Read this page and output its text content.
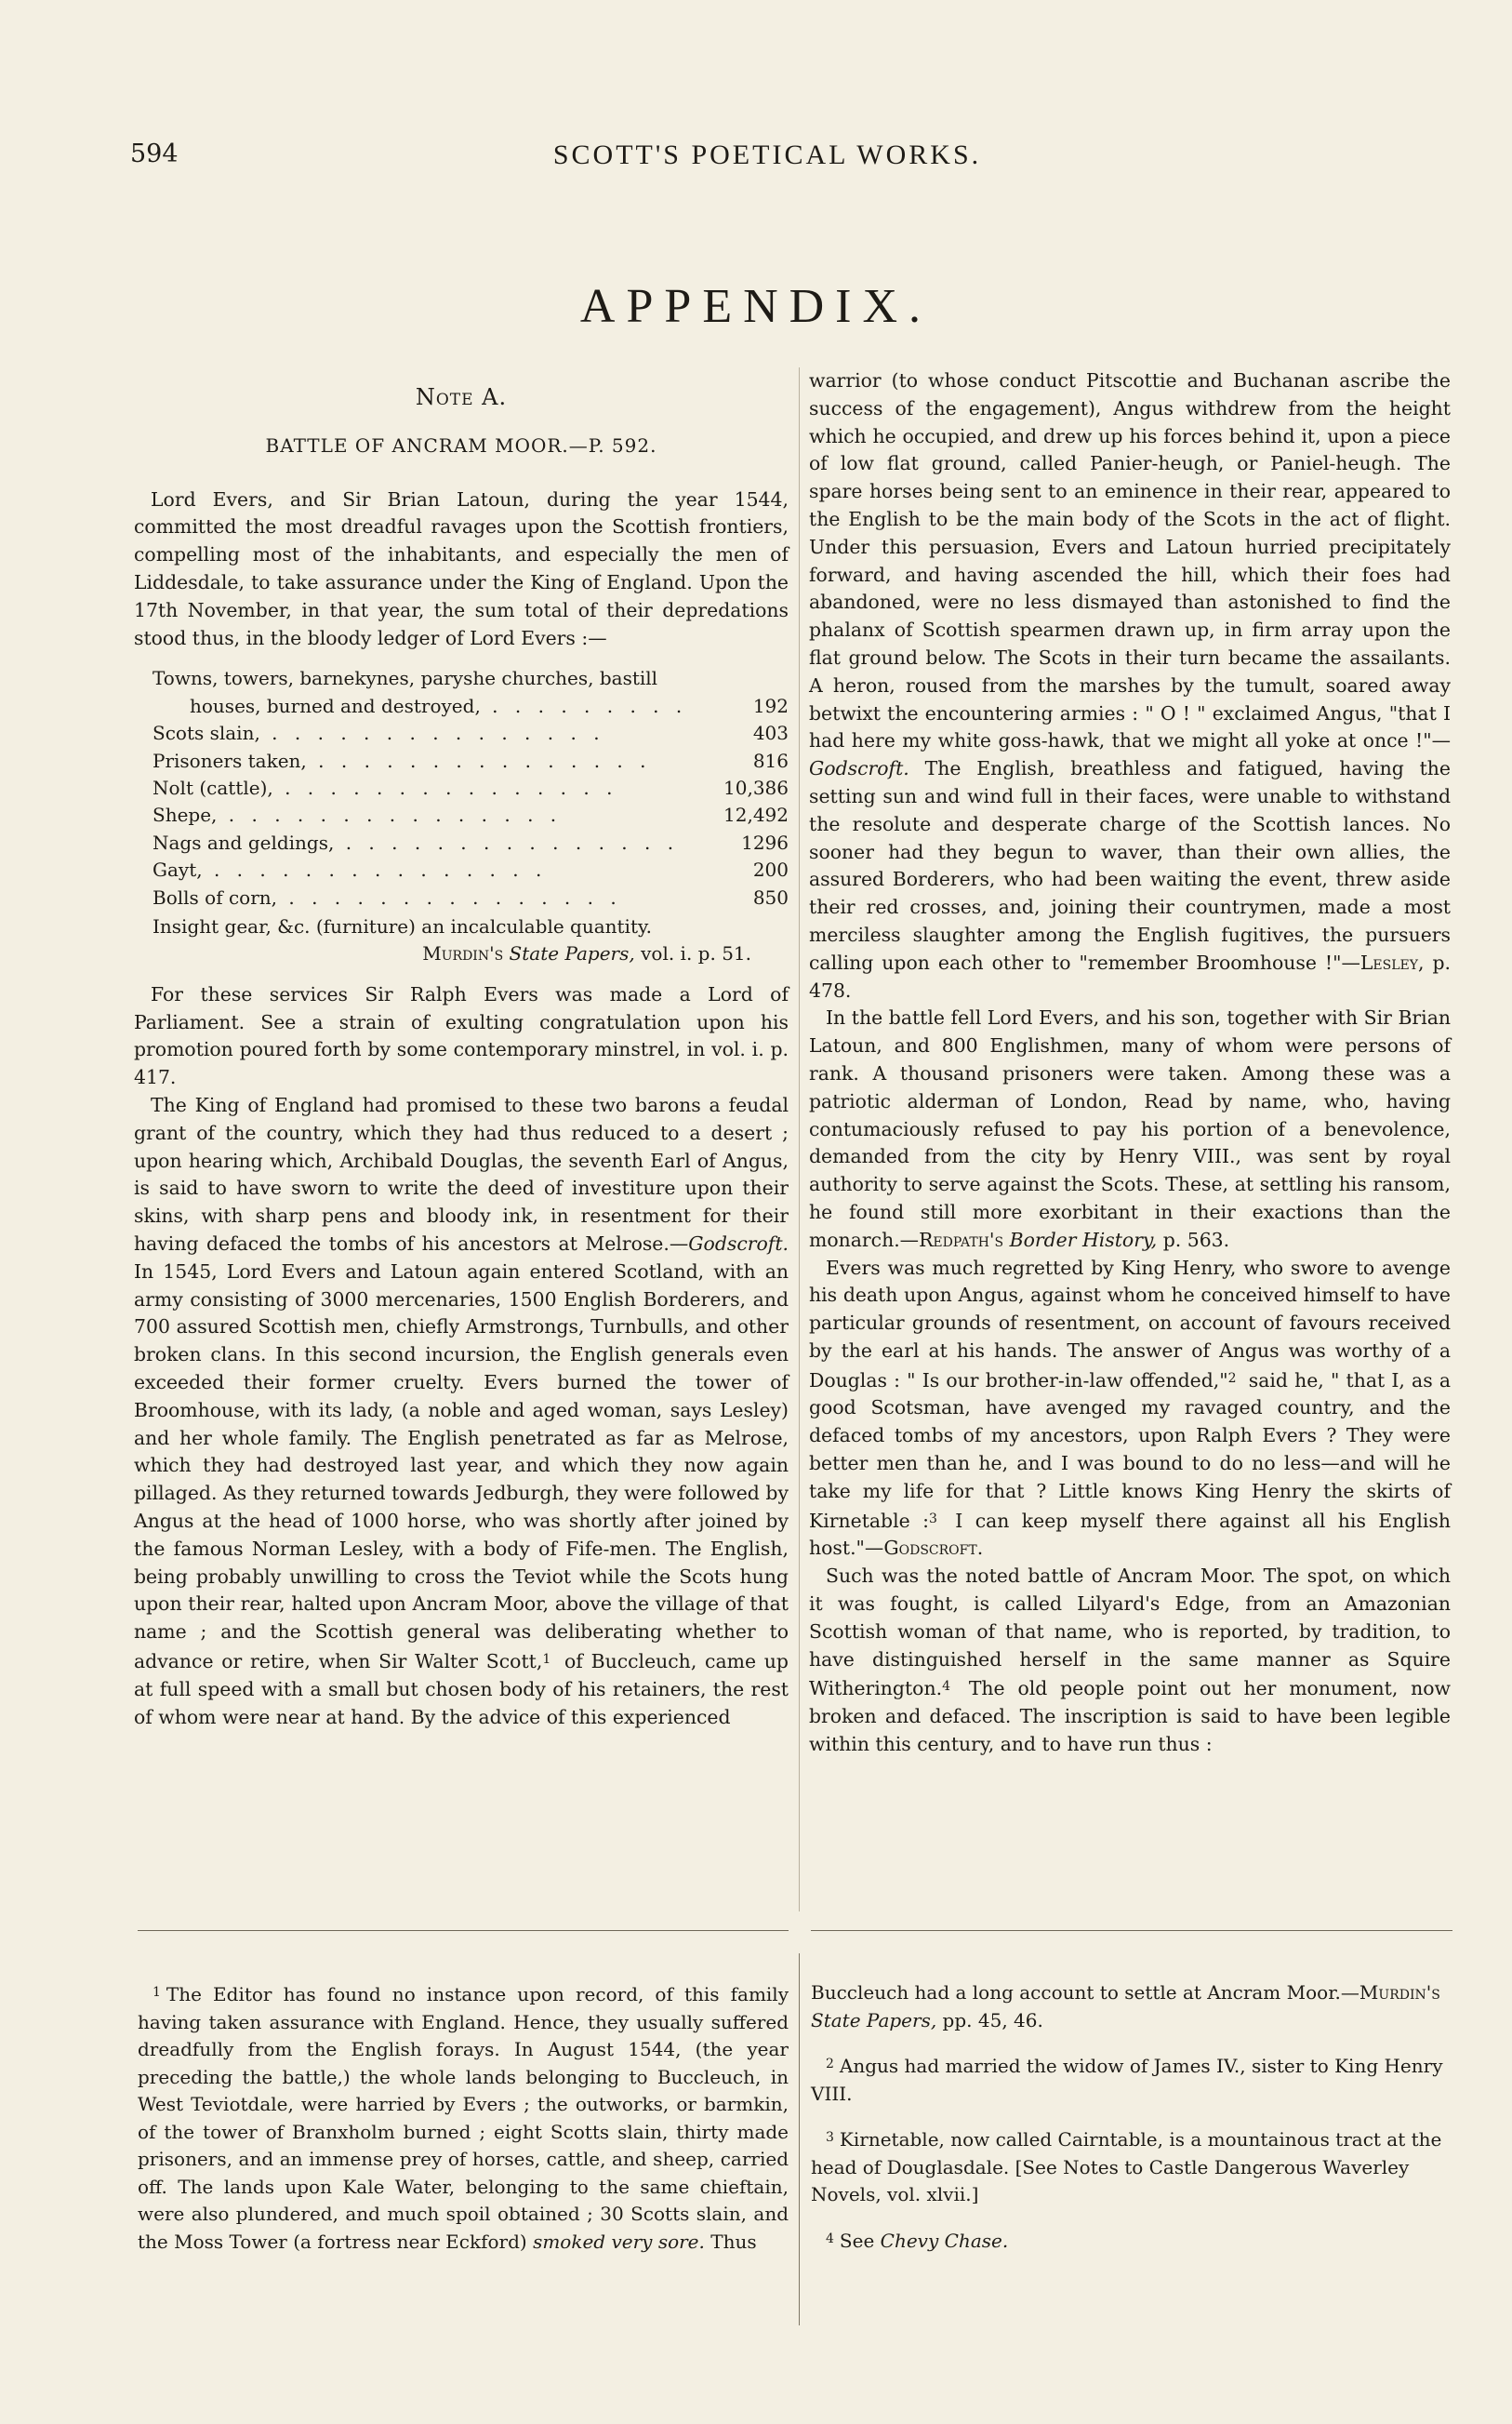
594	SCOTT'S POETICAL WORKS.
APPENDIX.
Note A.
BATTLE OF ANCRAM MOOR.—P. 592.

Lord Evers, and Sir Brian Latoun, during the year 1544, committed the most dreadful ravages upon the Scottish frontiers, compelling most of the inhabitants, and especially the men of Liddesdale, to take assurance under the King of England. Upon the 17th November, in that year, the sum total of their depredations stood thus, in the bloody ledger of Lord Evers :—

Towns, towers, barnekynes, paryshe churches, bastill
houses, burned and destroyed, . .	192
Scots slain, . .	403
Prisoners taken, . .	816
Nolt (cattle), . .	10,386
Shepe, . .	12,492
Nags and geldings, . .	1296
Gayt, . .	200
Bolls of corn, . .	850
Insight gear, &c. (furniture) an incalculable quantity.
Murdin's State Papers, vol. i. p. 51.

For these services Sir Ralph Evers was made a Lord of Parliament. See a strain of exulting congratulation upon his promotion poured forth by some contemporary minstrel, in vol. i. p. 417.

The King of England had promised to these two barons a feudal grant of the country, which they had thus reduced to a desert ; upon hearing which, Archibald Douglas, the seventh Earl of Angus, is said to have sworn to write the deed of investiture upon their skins, with sharp pens and bloody ink, in resentment for their having defaced the tombs of his ancestors at Melrose.—Godscroft. In 1545, Lord Evers and Latoun again entered Scotland, with an army consisting of 3000 mercenaries, 1500 English Borderers, and 700 assured Scottish men, chiefly Armstrongs, Turnbulls, and other broken clans. In this second incursion, the English generals even exceeded their former cruelty. Evers burned the tower of Broomhouse, with its lady, (a noble and aged woman, says Lesley) and her whole family. The English penetrated as far as Melrose, which they had destroyed last year, and which they now again pillaged. As they returned towards Jedburgh, they were followed by Angus at the head of 1000 horse, who was shortly after joined by the famous Norman Lesley, with a body of Fife-men. The English, being probably unwilling to cross the Teviot while the Scots hung upon their rear, halted upon Ancram Moor, above the village of that name ; and the Scottish general was deliberating whether to advance or retire, when Sir Walter Scott,$^1$ of Buccleuch, came up at full speed with a small but chosen body of his retainers, the rest of whom were near at hand. By the advice of this experienced

warrior (to whose conduct Pitscottie and Buchanan ascribe the success of the engagement), Angus withdrew from the height which he occupied, and drew up his forces behind it, upon a piece of low flat ground, called Panier-heugh, or Paniel-heugh. The spare horses being sent to an eminence in their rear, appeared to the English to be the main body of the Scots in the act of flight. Under this persuasion, Evers and Latoun hurried precipitately forward, and having ascended the hill, which their foes had abandoned, were no less dismayed than astonished to find the phalanx of Scottish spearmen drawn up, in firm array upon the flat ground below. The Scots in their turn became the assailants. A heron, roused from the marshes by the tumult, soared away betwixt the encountering armies : " O ! " exclaimed Angus, "that I had here my white goss-hawk, that we might all yoke at once !"—Godscroft. The English, breathless and fatigued, having the setting sun and wind full in their faces, were unable to withstand the resolute and desperate charge of the Scottish lances. No sooner had they begun to waver, than their own allies, the assured Borderers, who had been waiting the event, threw aside their red crosses, and, joining their countrymen, made a most merciless slaughter among the English fugitives, the pursuers calling upon each other to "remember Broomhouse !"—Lesley, p. 478.

In the battle fell Lord Evers, and his son, together with Sir Brian Latoun, and 800 Englishmen, many of whom were persons of rank. A thousand prisoners were taken. Among these was a patriotic alderman of London, Read by name, who, having contumaciously refused to pay his portion of a benevolence, demanded from the city by Henry VIII., was sent by royal authority to serve against the Scots. These, at settling his ransom, he found still more exorbitant in their exactions than the monarch.—Redpath's Border History, p. 563.

Evers was much regretted by King Henry, who swore to avenge his death upon Angus, against whom he conceived himself to have particular grounds of resentment, on account of favours received by the earl at his hands. The answer of Angus was worthy of a Douglas : " Is our brother-in-law offended,"$^2$ said he, " that I, as a good Scotsman, have avenged my ravaged country, and the defaced tombs of my ancestors, upon Ralph Evers ? They were better men than he, and I was bound to do no less—and will he take my life for that ? Little knows King Henry the skirts of Kirnetable :$^3$ I can keep myself there against all his English host."—Godscroft.

Such was the noted battle of Ancram Moor. The spot, on which it was fought, is called Lilyard's Edge, from an Amazonian Scottish woman of that name, who is reported, by tradition, to have distinguished herself in the same manner as Squire Witherington.$^4$ The old people point out her monument, now broken and defaced. The inscription is said to have been legible within this century, and to have run thus :

$^1$ The Editor has found no instance upon record, of this family having taken assurance with England. Hence, they usually suffered dreadfully from the English forays. In August 1544, (the year preceding the battle,) the whole lands belonging to Buccleuch, in West Teviotdale, were harried by Evers ; the outworks, or barmkin, of the tower of Branxholm burned ; eight Scotts slain, thirty made prisoners, and an immense prey of horses, cattle, and sheep, carried off. The lands upon Kale Water, belonging to the same chieftain, were also plundered, and much spoil obtained ; 30 Scotts slain, and the Moss Tower (a fortress near Eckford) smoked very sore. Thus

Buccleuch had a long account to settle at Ancram Moor.—Murdin's State Papers, pp. 45, 46.

$^2$ Angus had married the widow of James IV., sister to King Henry VIII.

$^3$ Kirnetable, now called Cairntable, is a mountainous tract at the head of Douglasdale. [See Notes to Castle Dangerous Waverley Novels, vol. xlvii.]

$^4$ See Chevy Chase.
